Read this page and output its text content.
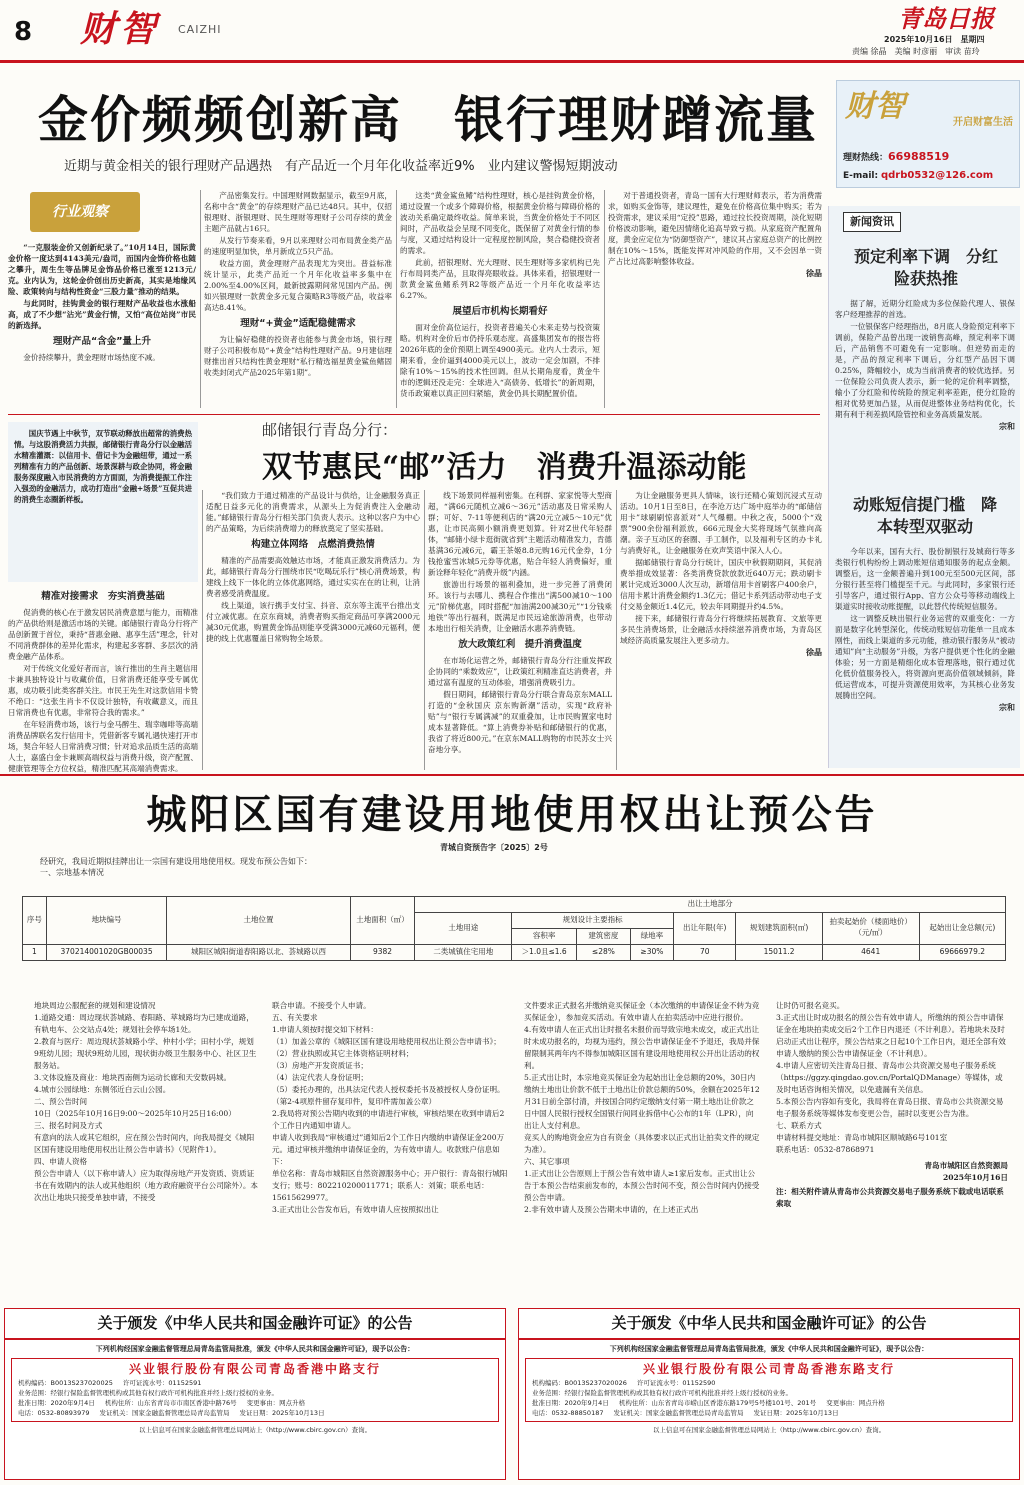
8 财智 CAIZHI	青岛日报
2025年10月16日　星期四
责编 徐晶　美编 时彦丽　审读 苗玲
金价频频创新高　银行理财蹭流量
近期与黄金相关的银行理财产品遇热　有产品近一个月年化收益率近9%　业内建议警惕短期波动
财智	开启财富生活
理财热线：66988519
E-mail: qdrb0532@126.com
行业观察

“一克服装金价又创新纪录了。”10月14日，国际黄金价格一度达到4143美元/盎司，而国内金饰价格也随之攀升，周生生等品牌足金饰品价格已涨至1213元/克。业内认为，这轮金价创出历史新高，其实是地缘风险、政策转向与结构性资金“三股力量”推动的结果。

与此同时，挂钩黄金的银行理财产品收益也水涨船高，成了不少想“沾光”黄金行情，又怕“高位站岗”市民的新选择。

理财产品“含金”量上升

金价持续攀升，黄金理财市场热度不减。

产品密集发行。中国理财网数据显示，截至9月底，名称中含“黄金”的存续理财产品已达48只。其中，仅招银理财、浙银理财、民生理财等理财子公司存续的黄金主题产品就占16只。

从发行节奏来看，9月以来理财公司布局黄金类产品的速度明显加快，单月新成立5只产品。

收益方面，黄金理财产品表现尤为突出。普益标准统计显示，此类产品近一个月年化收益率多集中在2.00%至4.00%区间，最新披露期间常见国内产品。例如兴银理财一款黄金多元复合策略R3等级产品，收益率高达8.41%。

理财“+黄金”适配稳健需求

为让偏好稳健的投资者也能参与黄金市场，银行理财子公司积极布局“+黄金”结构性理财产品。9月建信理财推出首只结构性黄金理财“私行精选福星黄金鲨鱼鳍固收类封闭式产品2025年第1期”。

这类“黄金鲨鱼鳍”结构性理财，核心是挂钩黄金价格，通过设置一个或多个障碍价格，根据黄金价格与障碍价格的波动关系确定最终收益。简单来说，当黄金价格处于不同区间时，产品收益会呈现不同变化，既保留了对黄金行情的参与度，又通过结构设计一定程度控制风险，契合稳健投资者的需求。

此前，招银理财、光大理财、民生理财等多家机构已先行布局同类产品，且取得亮眼收益。具体来看，招银理财一款黄金鲨鱼鳍系列R2等级产品近一个月年化收益率达6.27%。

展望后市机构长期看好

面对金价高位运行，投资者普遍关心未来走势与投资策略。机构对金价后市仍持乐观态度。高盛集团发布的报告将2026年底的金价预期上调至4900美元。业内人士表示，短期来看，金价逼到4000美元以上，波动一定会加剧，不排除有10%～15%的技术性回调。但从长期角度看，黄金牛市的逻辑还没走完：全球进入“高债务、低增长”的新周期，货币政策难以真正回归紧缩，黄金仍具长期配置价值。

对于普通投资者，青岛一国有大行理财师表示，若为消费需求，如购买金饰等，建议理性，避免在价格高位集中购买；若为投资需求，建议采用“定投”思路，通过拉长投资周期，淡化短期价格波动影响，避免因情绪化追高导致亏损。从家庭资产配置角度，黄金应定位为“防御型资产”，建议其占家庭总资产的比例控制在10%～15%，既能发挥对冲风险的作用，又不会因单一资产占比过高影响整体收益。

徐晶
新闻资讯
预定利率下调　分红险获热推

据了解，近期分红险成为多位保险代理人、银保客户经理推荐的首选。

一位银保客户经理指出，8月底人身险预定利率下调前，保险产品曾出现一波销售高峰，预定利率下调后，产品销售不可避免有一定影响。但逆势而走的是，产品的预定利率下调后，分红型产品因下调0.25%，降幅较小，成为当前消费者的较优选择。另一位保险公司负责人表示，新一轮的定价利率调整，输小了分红险和传统险的预定利率差距，使分红险的相对优势更加凸显，从而促进整体业务结构优化，长期有利于利差损风险管控和业务高质量发展。

宗和
动账短信提门槛　降本转型双驱动

今年以来，国有大行、股份制银行及城商行等多类银行机构纷纷上调动账短信通知服务的起点金额。调整后，这一金额普遍升到100元至500元区间，部分银行甚至将门槛提至千元。与此同时，多家银行还引导客户，通过银行App、官方公众号等移动端线上渠道实时接收动账提醒，以此替代传统短信服务。

这一调整反映出银行业务运营的双重变化：一方面是数字化转型深化，传统动账短信功能单一且成本刚性，而线上渠道的多元功能，推动银行服务从“被动通知”向“主动服务”升级，为客户提供更个性化的金融体验；另一方面是精细化成本管理落地，银行通过优化低价值服务投入，将资源向更高价值领域倾斜，降低运营成本，可提升资源使用效率，为其核心业务发展腾出空间。

宗和

国庆节遇上中秋节，双节联动释放出超常的消费热情。与这股消费活力共振，邮储银行青岛分行以金融活水精准灌溉：以信用卡、借记卡为金融纽带，通过一系列精准有力的产品创新、场景深耕与政企协同，将金融服务深度融入市民消费的方方面面，为消费提振工作注入强劲的金融活力，成功打造出“金融+场景”互促共进的消费生态圈新样板。

邮储银行青岛分行：
双节惠民“邮”活力　消费升温添动能
精准对接需求　夯实消费基础

促消费的核心在于激发居民消费意愿与能力，而精准的产品供给则是激活市场的关键。邮储银行青岛分行将产品创新置于首位，秉持“普惠金融、惠享生活”理念，针对不同消费群体的差异化需求，构建起多客群、多层次的消费金融产品体系。

对于传统文化爱好者而言，该行推出的生肖主题信用卡兼具独特设计与收藏价值，日常消费还能享受专属优惠，成功吸引此类客群关注。市民王先生对这款信用卡赞不绝口：“这张生肖卡不仅设计独特，有收藏意义，而且日常消费也有优惠，非常符合我的需求。”

在年轻消费市场，该行与金马醉生、瑞幸咖啡等高端消费品牌联名发行信用卡，凭借新客专属礼遇快速打开市场，契合年轻人日常消费习惯；针对追求品质生活的高端人士，嘉盛白金卡兼顾高端权益与消费升级，资产配置、健康管理等全方位权益，精准匹配其高端消费需求。

“我们致力于通过精准的产品设计与供给，让金融服务真正适配日益多元化的消费需求，从源头上为促消费注入金融动能。”邮储银行青岛分行相关部门负责人表示。这种以客户为中心的产品策略，为后续消费增力的释放奠定了坚实基础。

构建立体网络　点燃消费热情

精准的产品需要高效触达市场，才能真正激发消费活力。为此，邮储银行青岛分行围绕市民“吃喝玩乐行”核心消费场景，构建线上线下一体化的立体优惠网络，通过实实在在的让利，让消费者感受消费温度。

线上渠道，该行携手支付宝、抖音、京东等主流平台推出支付立减优惠。在京东商城，消费者购买指定商品可享满2000元减30元优惠，购置黄金饰品则能享受满3000元减60元福利，便捷的线上优惠覆盖日常购物全场景。

线下场景同样福利密集。在利群、家家悦等大型商超，“满66元随机立减6～36元”活动惠及日常采购人群；可好、7-11等便利店的“满20元立减5～10元”优惠，让市民高频小额消费更划算。针对Z世代年轻群体，“邮储小绿卡逛街就省到”主题活动精准发力，肯德基满36元减6元，霸王茶姬8.8元购16元代金券，1分钱抢蜜雪冰城5元券等优惠，贴合年轻人消费偏好，重新诠释年轻化“消费升级”内涵。

旅游出行场景的福利叠加，进一步完善了消费闭环。该行与去哪儿、携程合作推出“满500减10～100元”阶梯优惠，同时搭配“加油满200减30元”“1分钱乘地铁”等出行福利，既满足市民远途旅游消费，也带动本地出行相关消费，让金融活水惠养消费链。

放大政策红利　提升消费温度

在市场化运营之外，邮储银行青岛分行注重发挥政企协同的“乘数效应”，让政策红利精准直达消费者，并通过富有温度的互动体验，增强消费吸引力。

假日期间，邮储银行青岛分行联合青岛京东MALL打造的“金秋国庆 京东购新潮”活动，实现“政府补贴”与“银行专属满减”的双重叠加，让市民购置家电时成本显著降低。“算上消费券补贴和邮储银行的优惠，我省了将近800元。”在京东MALL购物的市民苏女士兴奋地分享。

为让金融服务更具人情味，该行还精心策划沉浸式互动活动。10月1日至8日，在李沧万达广场中庭举办的“邮储信用卡”球刷刷惊喜派对”人气爆棚。中秋之夜，5000个“戏票”900余份福利派放，666元现金大奖将现场气氛推向高潮。亲子互动区的套圈、手工制作，以及福利专区的办卡礼与消费好礼，让金融服务在欢声笑语中深入人心。

据邮储银行青岛分行统计，国庆中秋假期期间，其促消费举措成效显著：各类消费贷款放款近640万元；跌动刷卡累计完成近3000人次互动，新增信用卡首刷客户400余户，信用卡累计消费金额约1.3亿元；借记卡系列活动带动电子支付交易金额近1.4亿元，较去年同期提升约4.5%。

接下来，邮储银行青岛分行将继续拓展教育、文旅等更多民生消费场景，让金融活水持续滋养消费市场，为青岛区域经济高质量发展注入更多动力。

徐晶
城阳区国有建设用地使用权出让预公告
青城自资预告字〔2025〕2号
经研究，我局近期拟挂牌出让一宗国有建设用地使用权。现发布预公告如下：
一、宗地基本情况
序号	地块编号	土地位置	土地面积（㎡）	出让土地部分							
				土地用途	规划设计主要指标			出让年限(年)	规划建筑面积(㎡)	拍卖起始价（楼面地价）（元/㎡）	起始出让金总额(元)
					容积率	建筑密度	绿地率				
1	370214001020GB00035	城阳区城阳街道春阳路以北、荟城路以西	9382	二类城镇住宅用地	＞1.0且≤1.6	≤28%	≥30%	70	15011.2	4641	69666979.2

地块周边公服配套的规划和建设情况

1.道路交通：周边现状荟城路、春阳路、萃城路均为已建成道路，有轨电车、公交站点4处；规划社会停车场1处。

2.教育与医疗：周边现状荟城路小学、仲村小学；田村小学，规划9班幼儿园；现状9班幼儿园，现状街办级卫生服务中心、社区卫生服务站。

3.文体设施及商业：地块西南侧为运动长廊和天安数码城。

4.城市公园绿地：东侧邻近白云山公园。

二、预公告时间

10日（2025年10月16日9:00～2025年10月25日16:00）

三、报名时间及方式

有意向的法人或其它组织，应在预公告时间内，向我局提交《城阳区国有建设用地使用权出让预公告申请书》（见附件1）。

四、申请人资格

预公告申请人（以下称申请人）应为取得房地产开发资质、资质证书在有效期内的法人或其他组织（地方政府融资平台公司除外）。本次出让地块只接受单独申请，不接受

联合申请。不接受个人申请。

五、有关要求

1.申请人须按时提交如下材料：

（1）加盖公章的《城阳区国有建设用地使用权出让预公告申请书》；

（2）营业执照或其它主体资格证明材料；

（3）房地产开发资质证书；

（4）法定代表人身份证明；

（5）委托办理的，出具法定代表人授权委托书及被授权人身份证明。

（第2-4项原件留存复印件，复印件需加盖公章）

2.我局将对预公告期内收到的申请进行审核，审核结果在收到申请后2个工作日内通知申请人。

申请人收到我局“审核通过”通知后2个工作日内缴纳申请保证金200万元。通过审核并缴纳申请保证金的，为有效申请人。收款账户信息如下：

单位名称：青岛市城阳区自然资源服务中心；开户银行：青岛银行城阳支行；账号：802210200011771；联系人：刘策；联系电话：15615629977。

3.正式出让公告发布后，有效申请人应按照拟出让

文件要求正式报名并缴纳竞买保证金（本次缴纳的申请保证金不转为竞买保证金），参加竞买活动。有效申请人在拍卖活动中应进行报价。

4.有效申请人在正式出让时报名未报价而导致宗地未成交，或正式出让时未成功报名的，均视为违约，预公告申请保证金不予退还，我局并保留限制其两年内不得参加城阳区国有建设用地使用权公开出让活动的权利。

5.正式出让时，本宗地竞买保证金为起始出让金总额的20%，30日内缴纳土地出让价款不低于土地出让价款总额的50%，余额在2025年12月31日前全部付清，并按国合同约定缴纳支付第一期土地出让价款之日中国人民银行授权全国银行间同业拆借中心公布的1年（LPR），向出让人支付利息。

竞买人的购地资金应为自有资金（具体要求以正式出让拍卖文件的规定为准）。

六、其它事项

1.正式出让公告原则上于预公告有效申请人≥1家后发布。正式出让公告于本预公告结束前发布的，本预公告时间不变，预公告时间内仍接受预公告申请。

2.非有效申请人及预公告期未申请的，在上述正式出

让时仍可报名竞买。

3.正式出让时成功报名的预公告有效申请人，所缴纳的预公告申请保证金在地块拍卖成交后2个工作日内退还（不计利息）。若地块未及时启动正式出让程序，预公告结束之日起10个工作日内，退还全部有效申请人缴纳的预公告申请保证金（不计利息）。

4.申请人应密切关注青岛日报、青岛市公共资源交易电子服务系统（https://ggzy.qingdao.gov.cn/PortalQDManage）等媒体，或及时电话咨询相关情况，以免遗漏有关信息。

5.本预公告内容如有变化，我局将在青岛日报、青岛市公共资源交易电子服务系统等媒体发布变更公告，届时以变更公告为准。

七、联系方式

申请材料提交地址：青岛市城阳区顺城路6号101室

联系电话：0532-87868971

青岛市城阳区自然资源局
2025年10月16日
注：相关附件请从青岛市公共资源交易电子服务系统下载或电话联系索取
关于颁发《中华人民共和国金融许可证》的公告
下列机构经国家金融监督管理总局青岛监管局批准，颁发《中华人民共和国金融许可证》，现予以公告：
兴业银行股份有限公司青岛香港中路支行
机构编码：B0013S237020025 许可证流水号：01152591
业务范围：经银行保险监督管理机构或其他有权行政许可机构批准并经上级行授权的业务。
批准日期：2020年9月4日 机构住所：山东省青岛市市南区香港中路76号 变更事由：网点升格
电话：0532-80893979 发证机关：国家金融监督管理总局青岛监管局 发证日期：2025年10月13日
以上信息可在国家金融监督管理总局网站上（http://www.cbirc.gov.cn）查询。
关于颁发《中华人民共和国金融许可证》的公告
下列机构经国家金融监督管理总局青岛监管局批准，颁发《中华人民共和国金融许可证》，现予以公告：
兴业银行股份有限公司青岛香港东路支行
机构编码：B0013S237020026 许可证流水号：01152590
业务范围：经银行保险监督管理机构或其他有权行政许可机构批准并经上级行授权的业务。
批准日期：2020年9月4日 机构住所：山东省青岛市崂山区香港东路179号5号楼101号、201号 变更事由：网点升格
电话：0532-88850187 发证机关：国家金融监督管理总局青岛监管局 发证日期：2025年10月13日
以上信息可在国家金融监督管理总局网站上（http://www.cbirc.gov.cn）查询。
